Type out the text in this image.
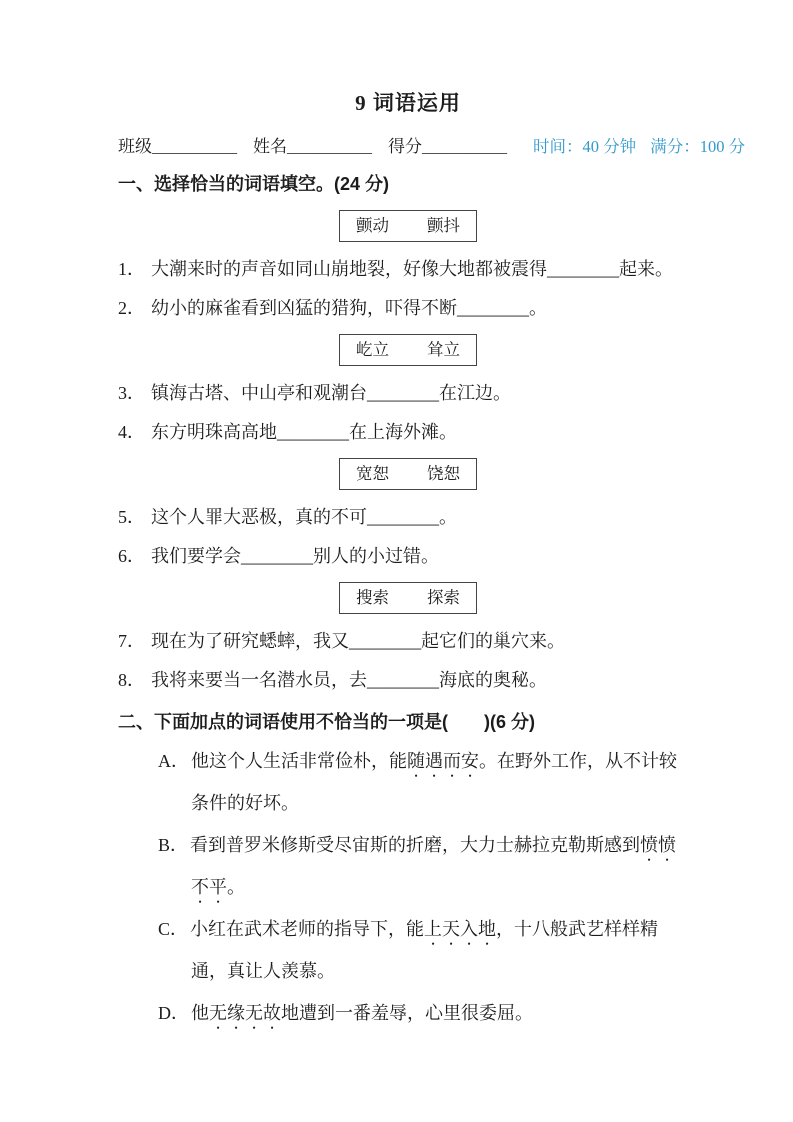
9 词语运用
班级__________ 姓名__________ 得分__________	时间：40 分钟 满分：100 分
一、选择恰当的词语填空。(24 分)
颤动 颤抖
1． 大潮来时的声音如同山崩地裂，好像大地都被震得________起来。
2． 幼小的麻雀看到凶猛的猎狗，吓得不断________。
屹立 耸立
3． 镇海古塔、中山亭和观潮台________在江边。
4． 东方明珠高高地________在上海外滩。
宽恕 饶恕
5． 这个人罪大恶极，真的不可________。
6． 我们要学会________别人的小过错。
搜索 探索
7． 现在为了研究蟋蟀，我又________起它们的巢穴来。
8． 我将来要当一名潜水员，去________海底的奥秘。
二、下面加点的词语使用不恰当的一项是(　　)(6 分)

A． 他这个人生活非常俭朴，能随遇而安。在野外工作，从不计较条件的好坏。

B． 看到普罗米修斯受尽宙斯的折磨，大力士赫拉克勒斯感到愤愤不平。

C． 小红在武术老师的指导下，能上天入地，十八般武艺样样精通，真让人羡慕。

D． 他无缘无故地遭到一番羞辱，心里很委屈。
